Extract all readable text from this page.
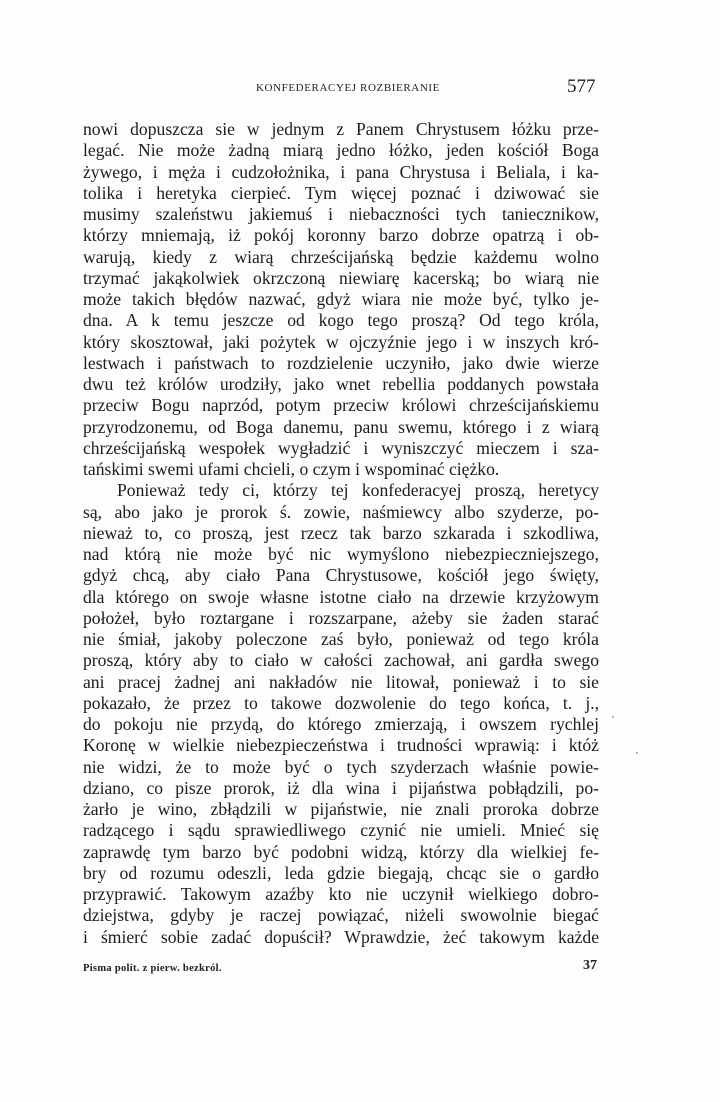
KONFEDERACYEJ ROZBIERANIE	577
nowi dopuszcza sie w jednym z Panem Chrystusem łóżku prze-
legać. Nie może żadną miarą jedno łóżko, jeden kościół Boga
żywego, i męża i cudzołożnika, i pana Chrystusa i Beliala, i ka-
tolika i heretyka cierpieć. Tym więcej poznać i dziwować sie
musimy szaleństwu jakiemuś i niebaczności tych taniecznikow,
którzy mniemają, iż pokój koronny barzo dobrze opatrzą i ob-
warują, kiedy z wiarą chrześcijańską będzie każdemu wolno
trzymać jakąkolwiek okrzczoną niewiarę kacerską; bo wiarą nie
może takich błędów nazwać, gdyż wiara nie może być, tylko je-
dna. A k temu jeszcze od kogo tego proszą? Od tego króla,
który skosztował, jaki pożytek w ojczyźnie jego i w inszych kró-
lestwach i państwach to rozdzielenie uczyniło, jako dwie wierze
dwu też królów urodziły, jako wnet rebellia poddanych powstała
przeciw Bogu naprzód, potym przeciw królowi chrześcijańskiemu
przyrodzonemu, od Boga danemu, panu swemu, którego i z wiarą
chrześcijańską wespołek wygładzić i wyniszczyć mieczem i sza-
tańskimi swemi ufami chcieli, o czym i wspominać ciężko.
Ponieważ tedy ci, którzy tej konfederacyej proszą, heretycy
są, abo jako je prorok ś. zowie, naśmiewcy albo szyderze, po-
nieważ to, co proszą, jest rzecz tak barzo szkarada i szkodliwa,
nad którą nie może być nic wymyślono niebezpieczniejszego,
gdyż chcą, aby ciało Pana Chrystusowe, kościół jego święty,
dla którego on swoje własne istotne ciało na drzewie krzyżowym
położeł, było roztargane i rozszarpane, ażeby sie żaden starać
nie śmiał, jakoby poleczone zaś było, ponieważ od tego króla
proszą, który aby to ciało w całości zachował, ani gardła swego
ani pracej żadnej ani nakładów nie litował, ponieważ i to sie
pokazało, że przez to takowe dozwolenie do tego końca, t. j.,
do pokoju nie przydą, do którego zmierzają, i owszem rychlej
Koronę w wielkie niebezpieczeństwa i trudności wprawią: i któż
nie widzi, że to może być o tych szyderzach właśnie powie-
dziano, co pisze prorok, iż dla wina i pijaństwa pobłądzili, po-
żarło je wino, zbłądzili w pijaństwie, nie znali proroka dobrze
radzącego i sądu sprawiedliwego czynić nie umieli. Mnieć się
zaprawdę tym barzo być podobni widzą, którzy dla wielkiej fe-
bry od rozumu odeszli, leda gdzie biegają, chcąc sie o gardło
przyprawić. Takowym azaźby kto nie uczynił wielkiego dobro-
dziejstwa, gdyby je raczej powiązać, niżeli swowolnie biegać
i śmierć sobie zadać dopuścił? Wprawdzie, żeć takowym każde
Pisma polit. z pierw. bezkról.	37
